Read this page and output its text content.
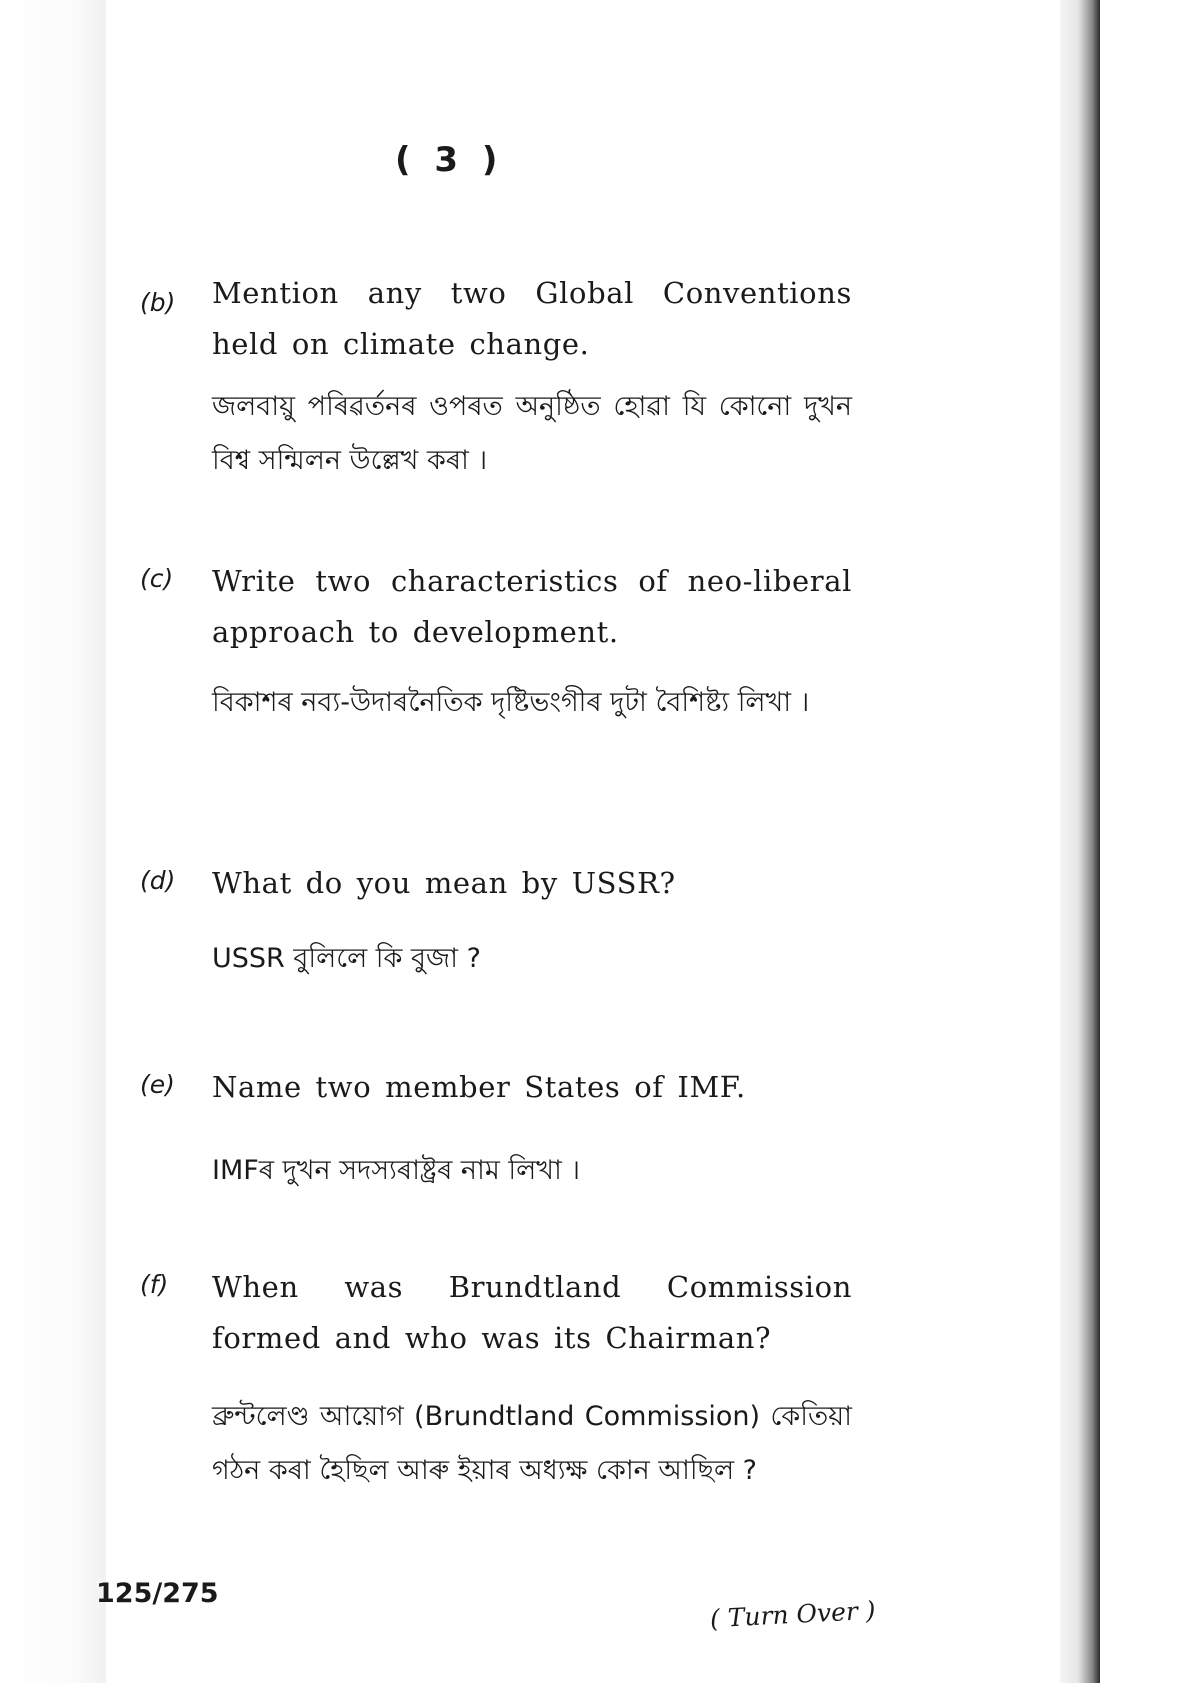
( 3 )
(b) Mention any two Global Conventions held on climate change.
জলবায়ু পৰিৱৰ্তনৰ ওপৰত অনুষ্ঠিত হোৱা যি কোনো দুখন বিশ্ব সন্মিলন উল্লেখ কৰা ।
(c) Write two characteristics of neo-liberal approach to development.
বিকাশৰ নব্য-উদাৰনৈতিক দৃষ্টিভংগীৰ দুটা বৈশিষ্ট্য লিখা ।
(d) What do you mean by USSR?
USSR বুলিলে কি বুজা ?
(e) Name two member States of IMF.
IMFৰ দুখন সদস্যৰাষ্ট্ৰৰ নাম লিখা ।
(f) When was Brundtland Commission formed and who was its Chairman?
ব্ৰুন্টলেণ্ড আয়োগ (Brundtland Commission) কেতিয়া গঠন কৰা হৈছিল আৰু ইয়াৰ অধ্যক্ষ কোন আছিল ?
125/275
( Turn Over )
